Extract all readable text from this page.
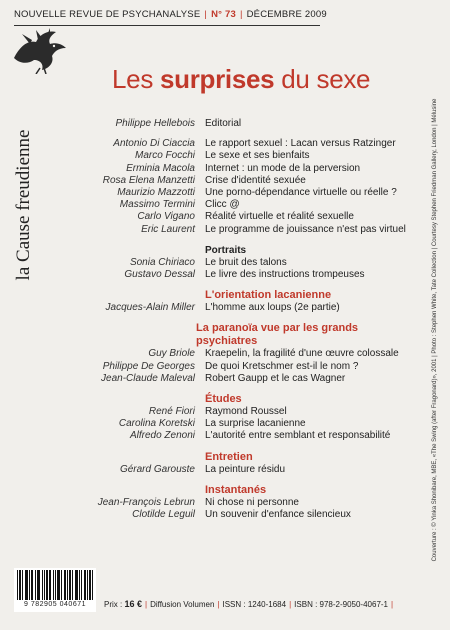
NOUVELLE REVUE DE PSYCHANALYSE | N° 73 | DÉCEMBRE 2009
la Cause freudienne
Les surprises du sexe
Philippe Hellebois	Editorial
Antonio Di Ciaccia	Le rapport sexuel : Lacan versus Ratzinger
Marco Focchi	Le sexe et ses bienfaits
Erminia Macola	Internet : un mode de la perversion
Rosa Elena Manzetti	Crise d'identité sexuée
Maurizio Mazzotti	Une porno-dépendance virtuelle ou réelle ?
Massimo Termini	Clicc @
Carlo Vigano	Réalité virtuelle et réalité sexuelle
Eric Laurent	Le programme de jouissance n'est pas virtuel
Portraits
Sonia Chiriaco	Le bruit des talons
Gustavo Dessal	Le livre des instructions trompeuses
L'orientation lacanienne
Jacques-Alain Miller	L'homme aux loups (2e partie)
La paranoïa vue par les grands psychiatres
Guy Briole	Kraepelin, la fragilité d'une œuvre colossale
Philippe De Georges	De quoi Kretschmer est-il le nom ?
Jean-Claude Maleval	Robert Gaupp et le cas Wagner
Études
René Fiori	Raymond Roussel
Carolina Koretski	La surprise lacanienne
Alfredo Zenoni	L'autorité entre semblant et responsabilité
Entretien
Gérard Garouste	La peinture résidu
Instantanés
Jean-François Lebrun	Ni chose ni personne
Clotilde Leguil	Un souvenir d'enfance silencieux	Couverture : © Yinka Shonibare, MBE, «The Swing (after Fragonard)», 2001 | Photo : Stephen White, Tate Collection | Courtesy Stephen Friedman Gallery, London | Mélusine
9 782905 040671	Prix : 16 € | Diffusion Volumen | ISSN : 1240-1684 | ISBN : 978-2-9050-4067-1 |
